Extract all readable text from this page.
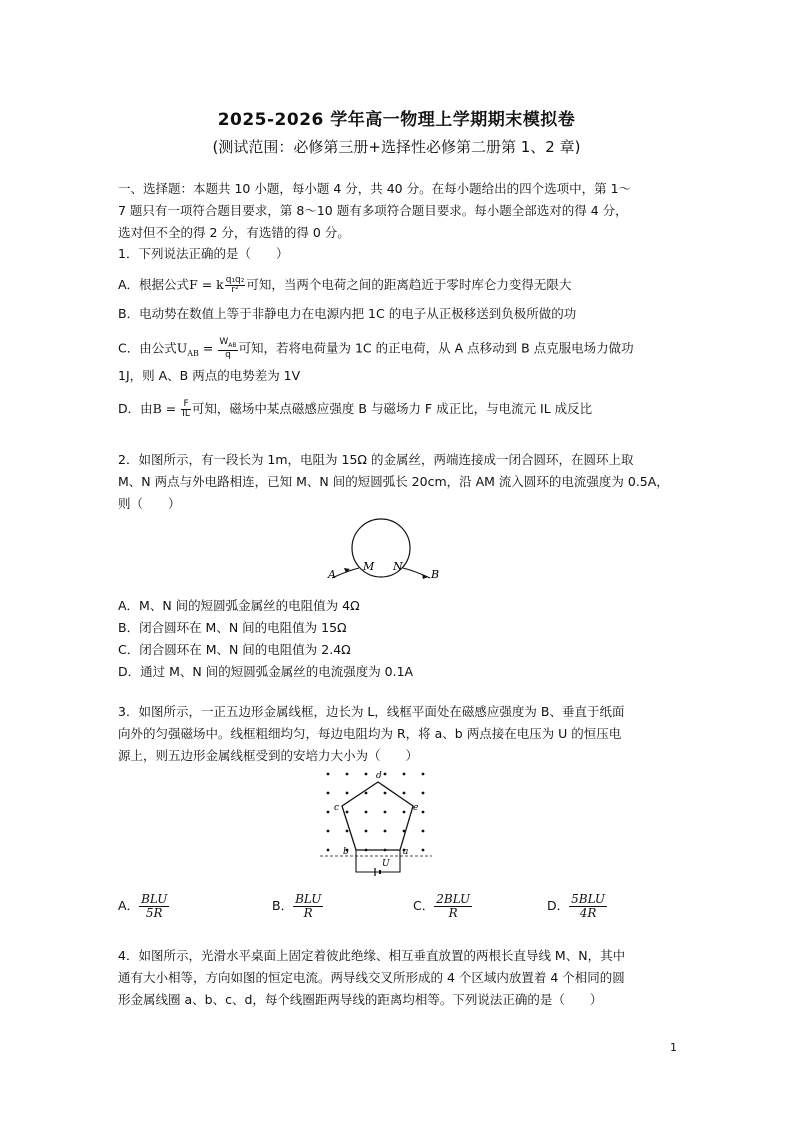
2025-2026 学年高一物理上学期期末模拟卷
(测试范围：必修第三册+选择性必修第二册第 1、2 章)
一、选择题：本题共 10 小题，每小题 4 分，共 40 分。在每小题给出的四个选项中，第 1～
7 题只有一项符合题目要求，第 8～10 题有多项符合题目要求。每小题全部选对的得 4 分，
选对但不全的得 2 分，有选错的得 0 分。
1．下列说法正确的是（　　）
A．根据公式F = k $\frac{\text{q₁q₂}}{\text{r²}}$ 可知，当两个电荷之间的距离趋近于零时库仑力变得无限大
B．电动势在数值上等于非静电力在电源内把 1C 的电子从正极移送到负极所做的功
C．由公式$U_{AB} = \frac{W_{AB}}{q}$ 可知，若将电荷量为 1C 的正电荷，从 A 点移动到 B 点克服电场力做功
1J，则 A、B 两点的电势差为 1V
D．由$B = \frac{F}{IL}$ 可知，磁场中某点磁感应强度 B 与磁场力 F 成正比，与电流元 IL 成反比
2．如图所示，有一段长为 1m，电阻为 15Ω 的金属丝，两端连接成一闭合圆环，在圆环上取
M、N 两点与外电路相连，已知 M、N 间的短圆弧长 20cm，沿 AM 流入圆环的电流强度为 0.5A，
则（　　）
A
M N
B
A．M、N 间的短圆弧金属丝的电阻值为 4Ω
B．闭合圆环在 M、N 间的电阻值为 15Ω
C．闭合圆环在 M、N 间的电阻值为 2.4Ω
D．通过 M、N 间的短圆弧金属丝的电流强度为 0.1A
3．如图所示，一正五边形金属线框，边长为 L，线框平面处在磁感应强度为 B、垂直于纸面
向外的匀强磁场中。线框粗细均匀，每边电阻均为 R，将 a、b 两点接在电压为 U 的恒压电
源上，则五边形金属线框受到的安培力大小为（　　）
d
c	e
b	a
U
A． $\frac{\text{BLU}}{5R}$	B． $\frac{\text{BLU}}{R}$	C． $\frac{\text{2BLU}}{R}$	D． $\frac{\text{5BLU}}{4R}$
4．如图所示，光滑水平桌面上固定着彼此绝缘、相互垂直放置的两根长直导线 M、N，其中
通有大小相等，方向如图的恒定电流。两导线交叉所形成的 4 个区域内放置着 4 个相同的圆
形金属线圈 a、b、c、d，每个线圈距两导线的距离均相等。下列说法正确的是（　　）
1
